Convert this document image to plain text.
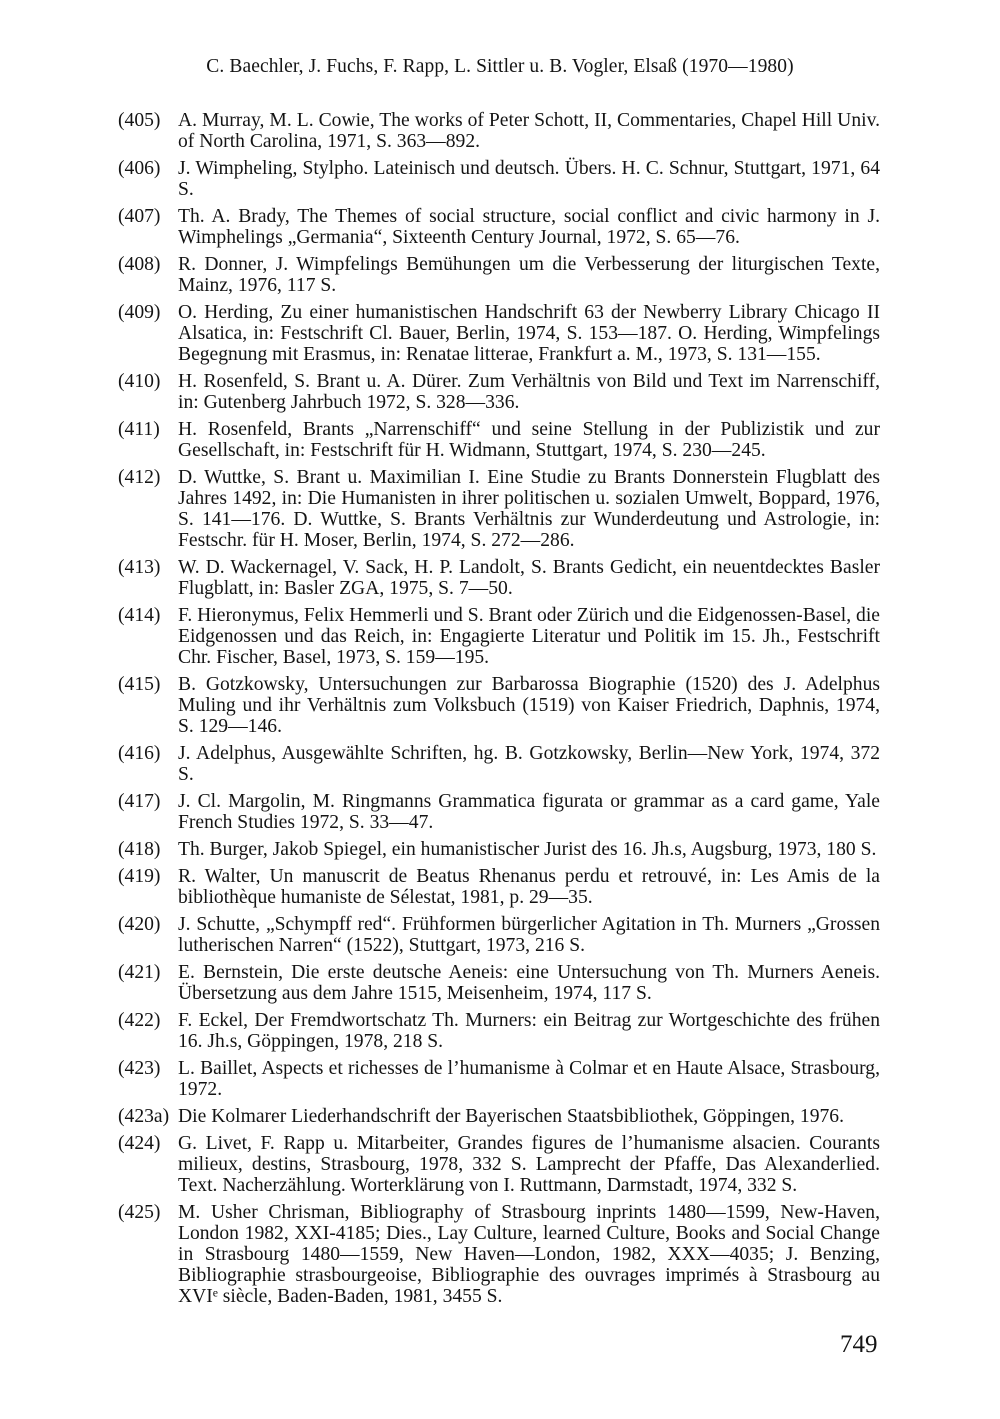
C. Baechler, J. Fuchs, F. Rapp, L. Sittler u. B. Vogler, Elsaß (1970—1980)
(405) A. Murray, M. L. Cowie, The works of Peter Schott, II, Commentaries, Chapel Hill Univ. of North Carolina, 1971, S. 363—892.
(406) J. Wimpheling, Stylpho. Lateinisch und deutsch. Übers. H. C. Schnur, Stuttgart, 1971, 64 S.
(407) Th. A. Brady, The Themes of social structure, social conflict and civic harmony in J. Wimphelings „Germania“, Sixteenth Century Journal, 1972, S. 65—76.
(408) R. Donner, J. Wimpfelings Bemühungen um die Verbesserung der liturgischen Texte, Mainz, 1976, 117 S.
(409) O. Herding, Zu einer humanistischen Handschrift 63 der Newberry Library Chicago II Alsatica, in: Festschrift Cl. Bauer, Berlin, 1974, S. 153—187. O. Herding, Wimpfelings Begegnung mit Erasmus, in: Renatae litterae, Frankfurt a. M., 1973, S. 131—155.
(410) H. Rosenfeld, S. Brant u. A. Dürer. Zum Verhältnis von Bild und Text im Narrenschiff, in: Gutenberg Jahrbuch 1972, S. 328—336.
(411) H. Rosenfeld, Brants „Narrenschiff“ und seine Stellung in der Publizistik und zur Gesellschaft, in: Festschrift für H. Widmann, Stuttgart, 1974, S. 230—245.
(412) D. Wuttke, S. Brant u. Maximilian I. Eine Studie zu Brants Donnerstein Flugblatt des Jahres 1492, in: Die Humanisten in ihrer politischen u. sozialen Umwelt, Boppard, 1976, S. 141—176. D. Wuttke, S. Brants Verhältnis zur Wunderdeutung und Astrologie, in: Festschr. für H. Moser, Berlin, 1974, S. 272—286.
(413) W. D. Wackernagel, V. Sack, H. P. Landolt, S. Brants Gedicht, ein neuentdecktes Basler Flugblatt, in: Basler ZGA, 1975, S. 7—50.
(414) F. Hieronymus, Felix Hemmerli und S. Brant oder Zürich und die Eidgenossen-Basel, die Eidgenossen und das Reich, in: Engagierte Literatur und Politik im 15. Jh., Festschrift Chr. Fischer, Basel, 1973, S. 159—195.
(415) B. Gotzkowsky, Untersuchungen zur Barbarossa Biographie (1520) des J. Adelphus Muling und ihr Verhältnis zum Volksbuch (1519) von Kaiser Friedrich, Daphnis, 1974, S. 129—146.
(416) J. Adelphus, Ausgewählte Schriften, hg. B. Gotzkowsky, Berlin—New York, 1974, 372 S.
(417) J. Cl. Margolin, M. Ringmanns Grammatica figurata or grammar as a card game, Yale French Studies 1972, S. 33—47.
(418) Th. Burger, Jakob Spiegel, ein humanistischer Jurist des 16. Jh.s, Augsburg, 1973, 180 S.
(419) R. Walter, Un manuscrit de Beatus Rhenanus perdu et retrouvé, in: Les Amis de la bibliothèque humaniste de Sélestat, 1981, p. 29—35.
(420) J. Schutte, „Schympff red“. Frühformen bürgerlicher Agitation in Th. Murners „Grossen lutherischen Narren“ (1522), Stuttgart, 1973, 216 S.
(421) E. Bernstein, Die erste deutsche Aeneis: eine Untersuchung von Th. Murners Aeneis. Übersetzung aus dem Jahre 1515, Meisenheim, 1974, 117 S.
(422) F. Eckel, Der Fremdwortschatz Th. Murners: ein Beitrag zur Wortgeschichte des frühen 16. Jh.s, Göppingen, 1978, 218 S.
(423) L. Baillet, Aspects et richesses de l’humanisme à Colmar et en Haute Alsace, Strasbourg, 1972.
(423a) Die Kolmarer Liederhandschrift der Bayerischen Staatsbibliothek, Göppingen, 1976.
(424) G. Livet, F. Rapp u. Mitarbeiter, Grandes figures de l’humanisme alsacien. Courants milieux, destins, Strasbourg, 1978, 332 S. Lamprecht der Pfaffe, Das Alexanderlied. Text. Nacherzählung. Worterklärung von I. Ruttmann, Darmstadt, 1974, 332 S.
(425) M. Usher Chrisman, Bibliography of Strasbourg inprints 1480—1599, New-Haven, London 1982, XXI-4185; Dies., Lay Culture, learned Culture, Books and Social Change in Strasbourg 1480—1559, New Haven—London, 1982, XXX—4035; J. Benzing, Bibliographie strasbourgeoise, Bibliographie des ouvrages imprimés à Strasbourg au XVIᵉ siècle, Baden-Baden, 1981, 3455 S.
749
